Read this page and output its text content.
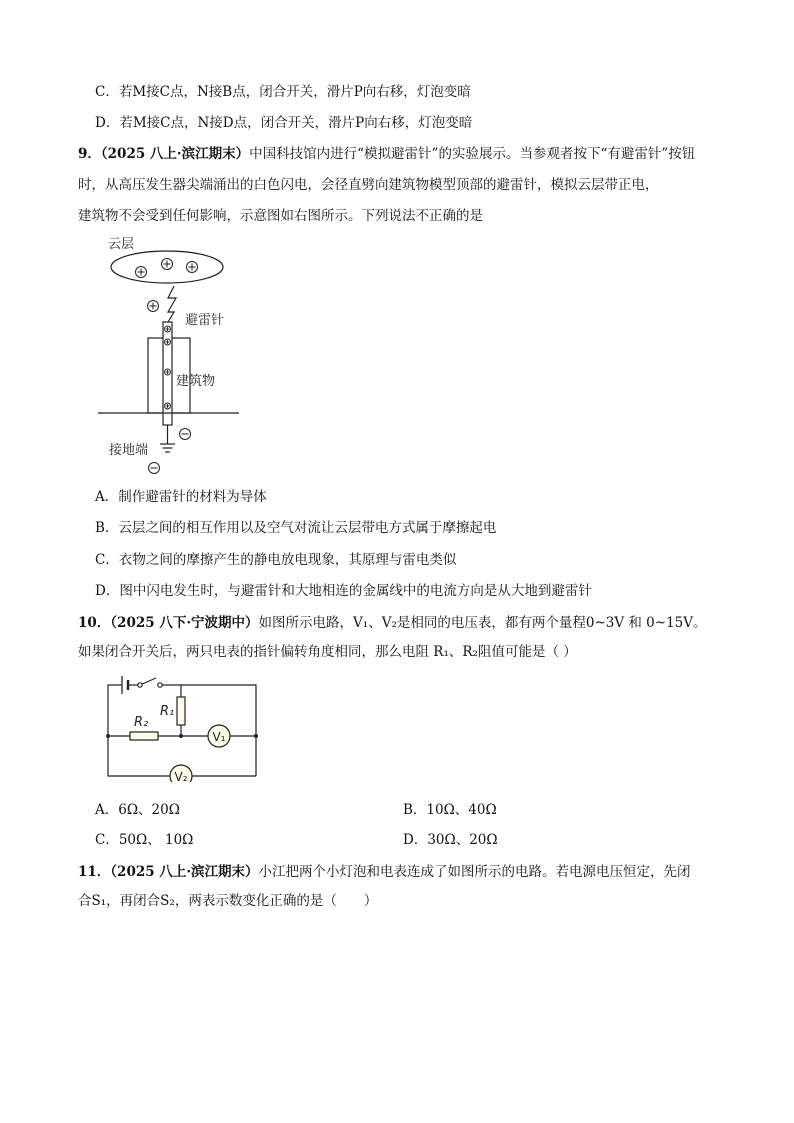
C．若M接C点，N接B点，闭合开关，滑片P向右移，灯泡变暗
D．若M接C点，N接D点，闭合开关，滑片P向右移，灯泡变暗
9．（2025 八上·滨江期末）中国科技馆内进行“模拟避雷针”的实验展示。当参观者按下“有避雷针”按钮
时，从高压发生器尖端涌出的白色闪电，会径直劈向建筑物模型顶部的避雷针，模拟云层带正电，
建筑物不会受到任何影响，示意图如右图所示。下列说法不正确的是
云层
避雷针
建筑物
接地端
A．制作避雷针的材料为导体
B．云层之间的相互作用以及空气对流让云层带电方式属于摩擦起电
C．衣物之间的摩擦产生的静电放电现象，其原理与雷电类似
D．图中闪电发生时，与避雷针和大地相连的金属线中的电流方向是从大地到避雷针
10．（2025 八下·宁波期中）如图所示电路，V₁、V₂是相同的电压表，都有两个量程0~3V 和 0~15V。
如果闭合开关后，两只电表的指针偏转角度相同，那么电阻 R₁、R₂阻值可能是（ ）
R₁
R₂
V₁
V₂
A．6Ω、20Ω	B．10Ω、40Ω
C．50Ω、 10Ω	D．30Ω、20Ω
11．（2025 八上·滨江期末）小江把两个小灯泡和电表连成了如图所示的电路。若电源电压恒定，先闭
合S₁，再闭合S₂，两表示数变化正确的是（　　）
